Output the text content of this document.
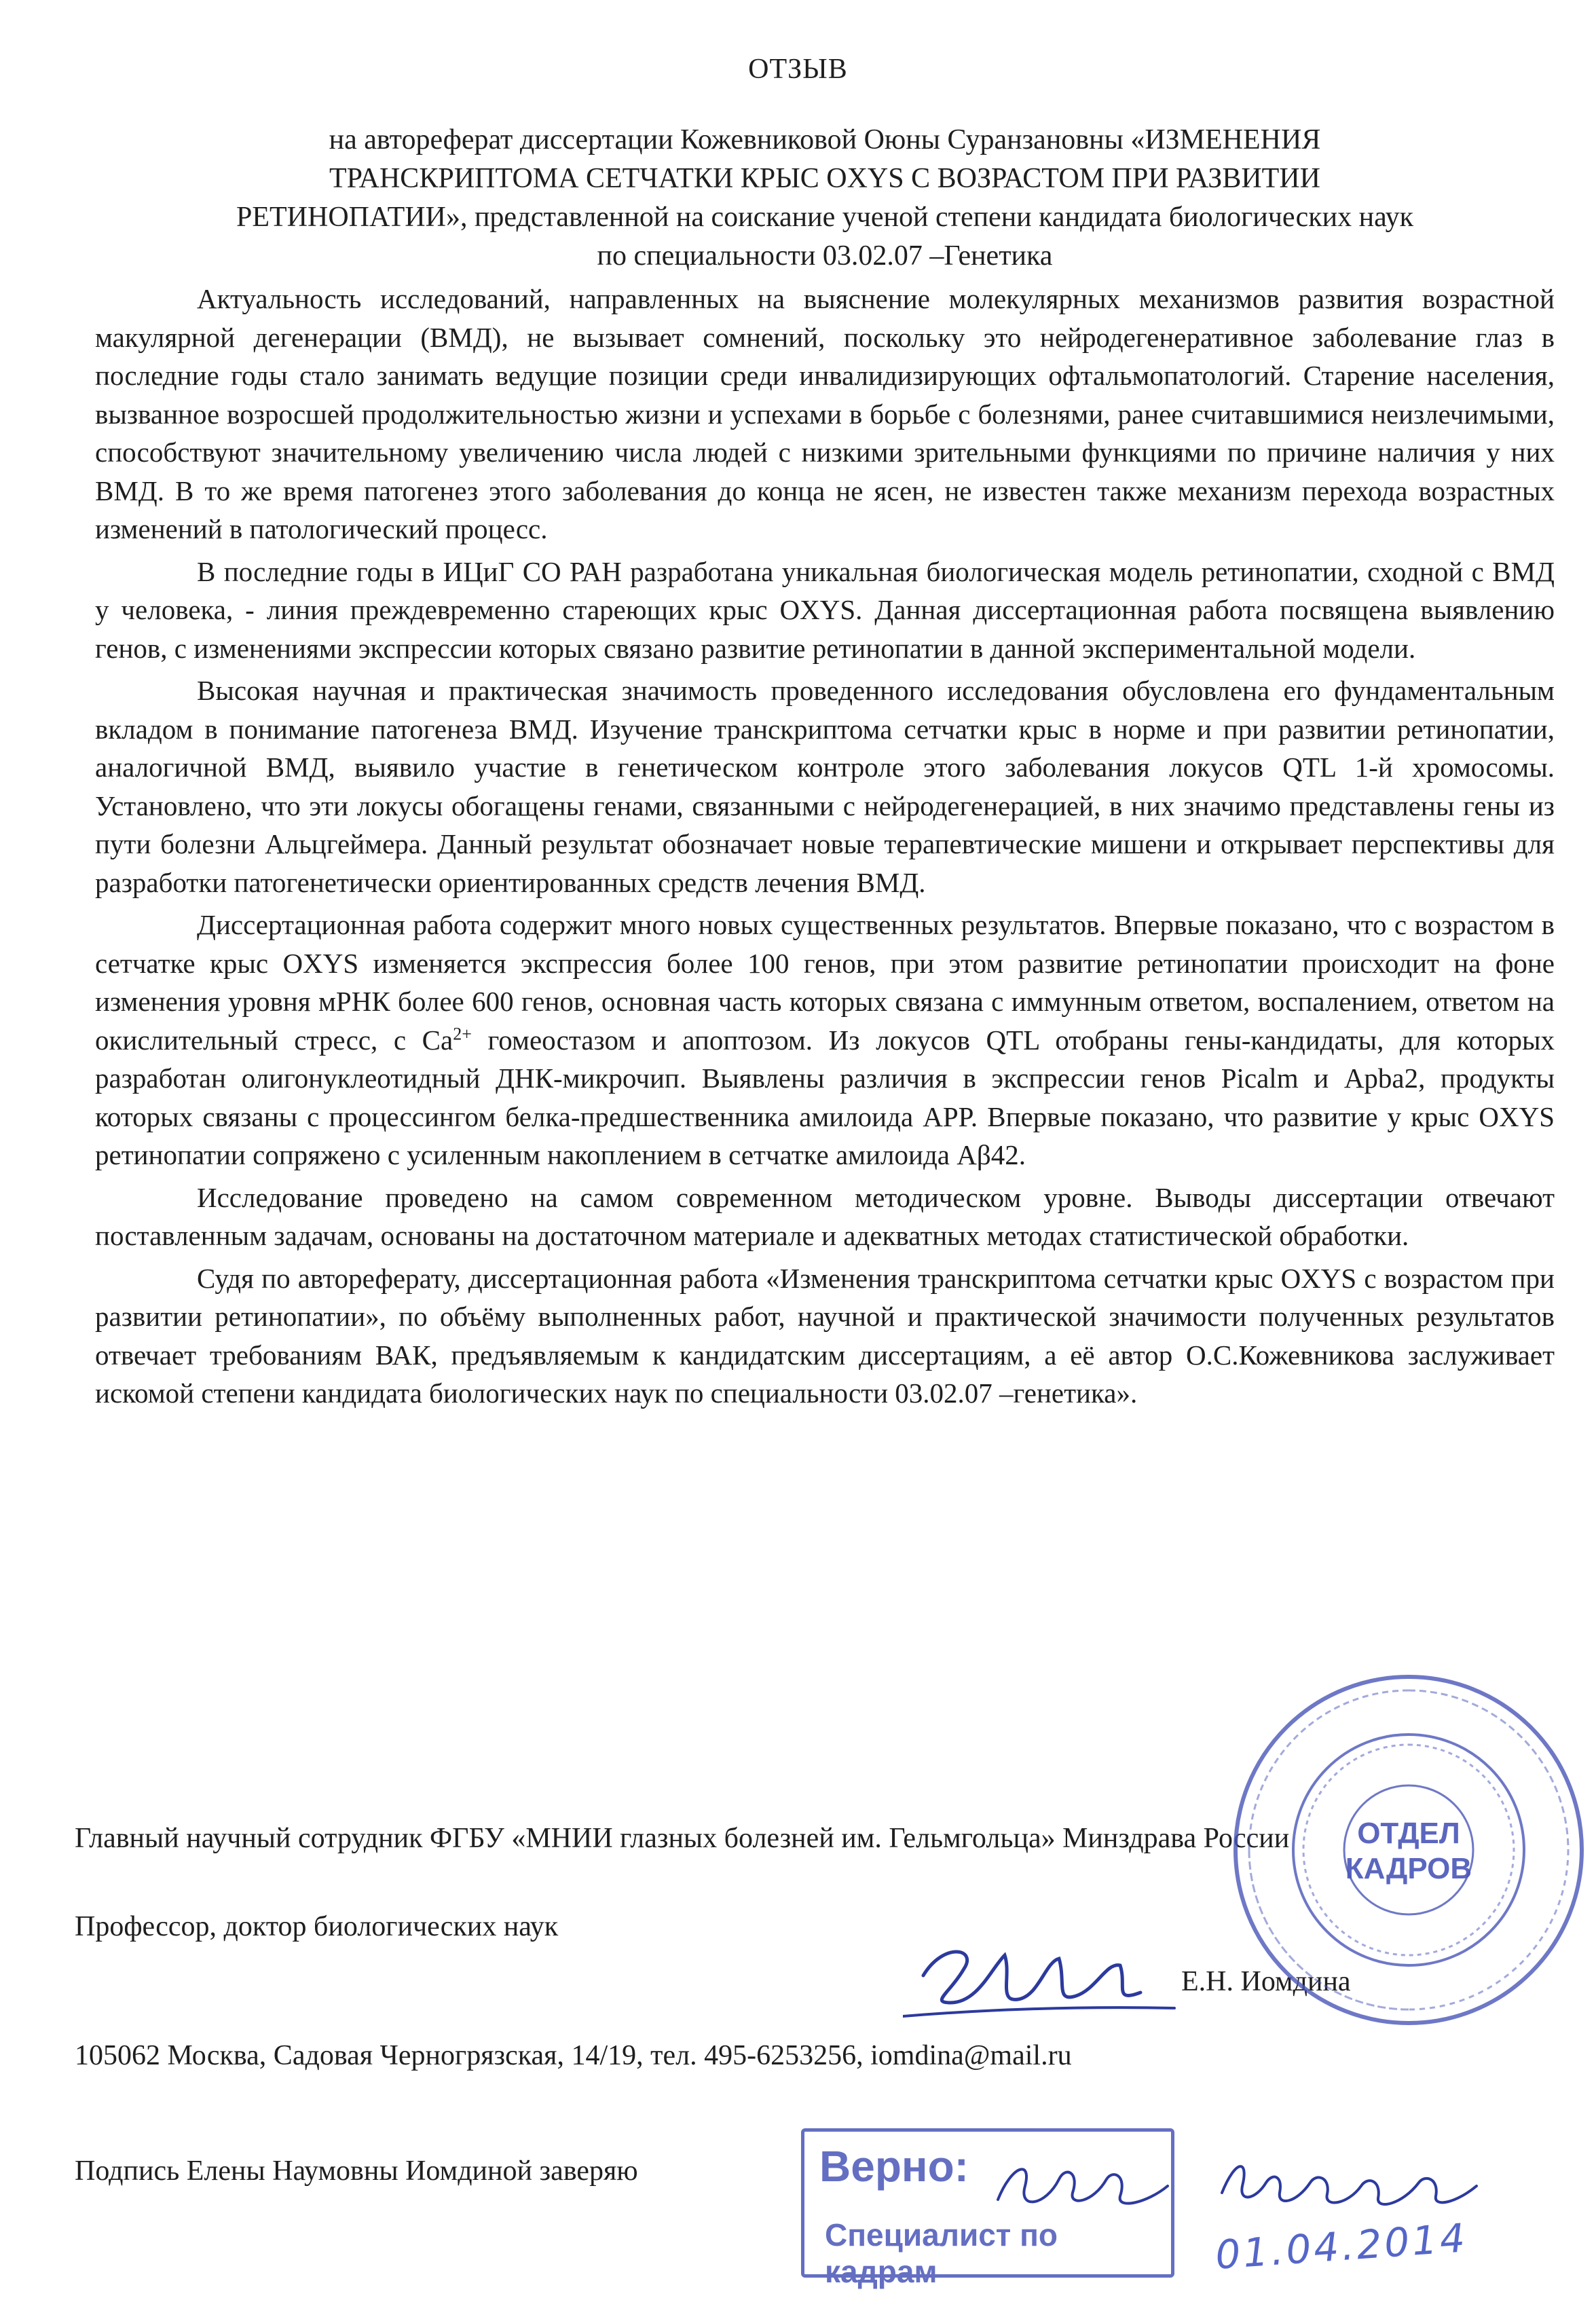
ОТЗЫВ
на автореферат диссертации Кожевниковой Оюны Суранзановны «ИЗМЕНЕНИЯ
ТРАНСКРИПТОМА СЕТЧАТКИ КРЫС OXYS С ВОЗРАСТОМ ПРИ РАЗВИТИИ
РЕТИНОПАТИИ», представленной на соискание ученой степени кандидата биологических наук
по специальности 03.02.07 –Генетика

Актуальность исследований, направленных на выяснение молекулярных механизмов развития возрастной макулярной дегенерации (ВМД), не вызывает сомнений, поскольку это нейродегенеративное заболевание глаз в последние годы стало занимать ведущие позиции среди инвалидизирующих офтальмопатологий. Старение населения, вызванное возросшей продолжительностью жизни и успехами в борьбе с болезнями, ранее считавшимися неизлечимыми, способствуют значительному увеличению числа людей с низкими зрительными функциями по причине наличия у них ВМД. В то же время патогенез этого заболевания до конца не ясен, не известен также механизм перехода возрастных изменений в патологический процесс.

В последние годы в ИЦиГ СО РАН разработана уникальная биологическая модель ретинопатии, сходной с ВМД у человека, - линия преждевременно стареющих крыс OXYS. Данная диссертационная работа посвящена выявлению генов, с изменениями экспрессии которых связано развитие ретинопатии в данной экспериментальной модели.

Высокая научная и практическая значимость проведенного исследования обусловлена его фундаментальным вкладом в понимание патогенеза ВМД. Изучение транскриптома сетчатки крыс в норме и при развитии ретинопатии, аналогичной ВМД, выявило участие в генетическом контроле этого заболевания локусов QTL 1-й хромосомы. Установлено, что эти локусы обогащены генами, связанными с нейродегенерацией, в них значимо представлены гены из пути болезни Альцгеймера. Данный результат обозначает новые терапевтические мишени и открывает перспективы для разработки патогенетически ориентированных средств лечения ВМД.

Диссертационная работа содержит много новых существенных результатов. Впервые показано, что с возрастом в сетчатке крыс OXYS изменяется экспрессия более 100 генов, при этом развитие ретинопатии происходит на фоне изменения уровня мРНК более 600 генов, основная часть которых связана с иммунным ответом, воспалением, ответом на окислительный стресс, с $Ca^{2+}$ гомеостазом и апоптозом. Из локусов QTL отобраны гены-кандидаты, для которых разработан олигонуклеотидный ДНК-микрочип. Выявлены различия в экспрессии генов Picalm и Apba2, продукты которых связаны с процессингом белка-предшественника амилоида APP. Впервые показано, что развитие у крыс OXYS ретинопатии сопряжено с усиленным накоплением в сетчатке амилоида Aβ42.

Исследование проведено на самом современном методическом уровне. Выводы диссертации отвечают поставленным задачам, основаны на достаточном материале и адекватных методах статистической обработки.

Судя по автореферату, диссертационная работа «Изменения транскриптома сетчатки крыс OXYS с возрастом при развитии ретинопатии», по объёму выполненных работ, научной и практической значимости полученных результатов отвечает требованиям ВАК, предъявляемым к кандидатским диссертациям, а её автор О.С.Кожевникова заслуживает искомой степени кандидата биологических наук по специальности 03.02.07 –генетика».

Главный научный сотрудник ФГБУ «МНИИ глазных болезней им. Гельмгольца» Минздрава России
Профессор, доктор биологических наук
Е.Н. Иомдина
105062 Москва, Садовая Черногрязская, 14/19, тел. 495-6253256, iomdina@mail.ru
Подпись Елены Наумовны Иомдиной заверяю
ОТДЕЛ
КАДРОВ
Верно:
Специалист по кадрам	01.04.2014
